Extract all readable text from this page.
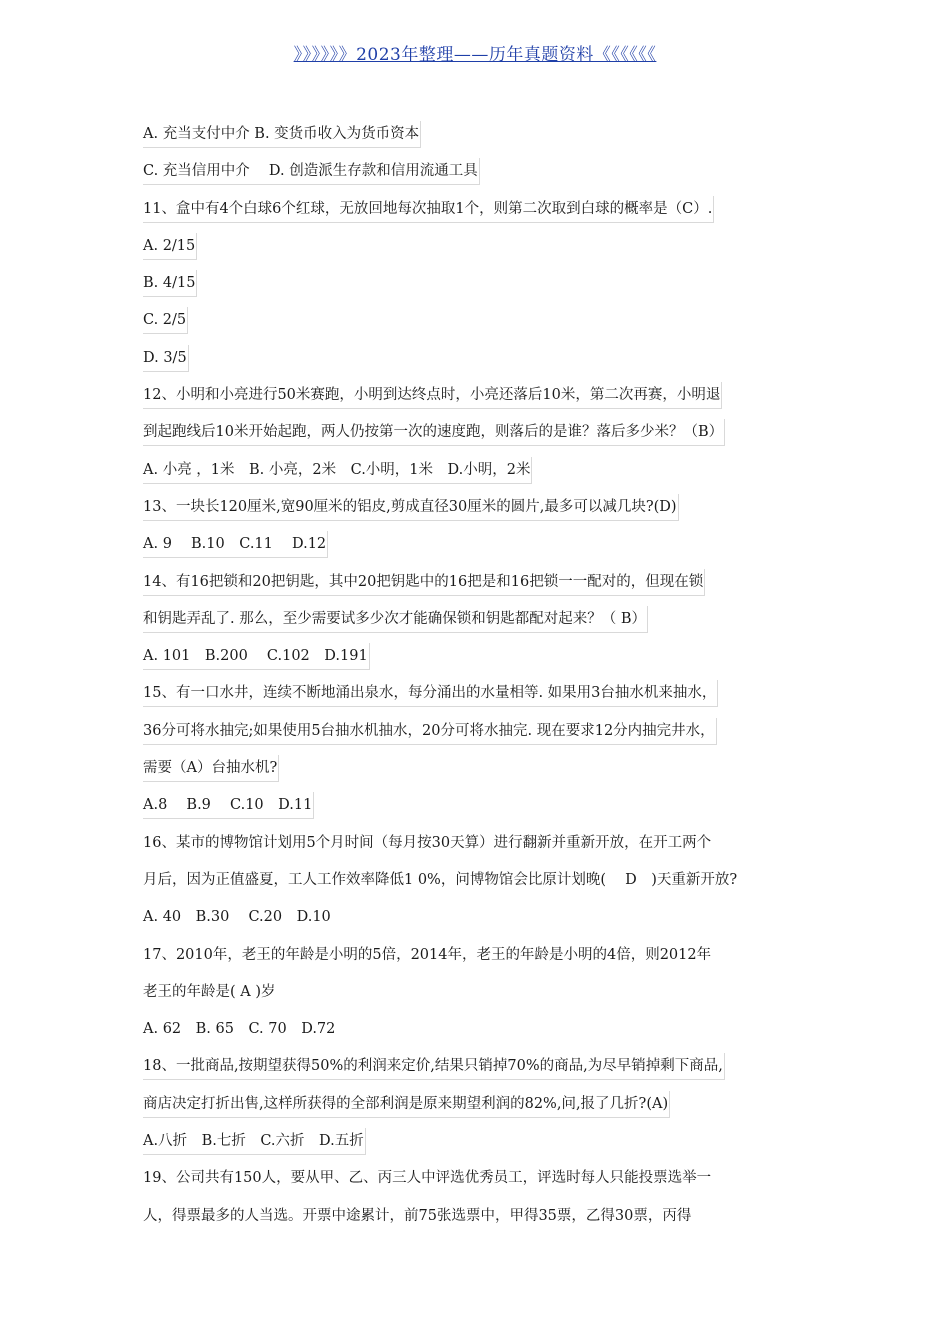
》》》》》》2023年整理——历年真题资料《《《《《《
A. 充当支付中介 B. 变货币收入为货币资本
C. 充当信用中介　 D. 创造派生存款和信用流通工具
11、盒中有4个白球6个红球，无放回地每次抽取1个，则第二次取到白球的概率是（C）.
A. 2/15
B. 4/15
C. 2/5
D. 3/5
12、小明和小亮进行50米赛跑，小明到达终点时，小亮还落后10米，第二次再赛，小明退
到起跑线后10米开始起跑，两人仍按第一次的速度跑，则落后的是谁？落后多少米？（B）
A. 小亮 ，1米　B. 小亮，2米　C.小明，1米　D.小明，2米
13、一块长120厘米,宽90厘米的铝皮,剪成直径30厘米的圆片,最多可以减几块?(D)
A. 9　 B.10　C.11　 D.12
14、有16把锁和20把钥匙，其中20把钥匙中的16把是和16把锁一一配对的，但现在锁
和钥匙弄乱了. 那么，至少需要试多少次才能确保锁和钥匙都配对起来？（ B）
A. 101　B.200　 C.102　D.191
15、有一口水井，连续不断地涌出泉水，每分涌出的水量相等. 如果用3台抽水机来抽水，
36分可将水抽完;如果使用5台抽水机抽水，20分可将水抽完. 现在要求12分内抽完井水，
需要（A）台抽水机?
A.8　 B.9　 C.10　D.11
16、某市的博物馆计划用5个月时间（每月按30天算）进行翻新并重新开放，在开工两个
月后，因为正值盛夏，工人工作效率降低1 0%，问博物馆会比原计划晚(　 D　)天重新开放?
A. 40　B.30　 C.20　D.10
17、2010年，老王的年龄是小明的5倍，2014年，老王的年龄是小明的4倍，则2012年
老王的年龄是( A )岁
A. 62　B. 65　C. 70　D.72
18、一批商品,按期望获得50%的利润来定价,结果只销掉70%的商品,为尽早销掉剩下商品,
商店决定打折出售,这样所获得的全部利润是原来期望利润的82%,问,报了几折?(A)
A.八折　B.七折　C.六折　D.五折
19、公司共有150人，要从甲、乙、丙三人中评选优秀员工，评选时每人只能投票选举一
人，得票最多的人当选。开票中途累计，前75张选票中，甲得35票，乙得30票，丙得
